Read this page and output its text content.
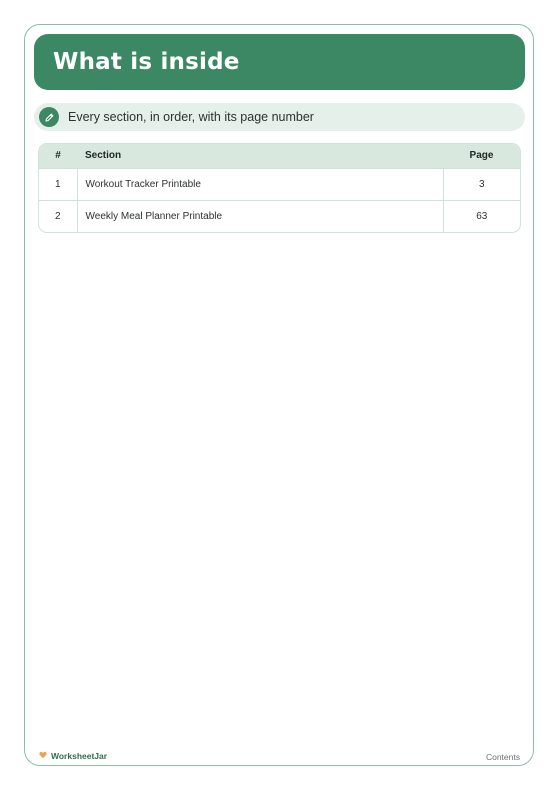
What is inside
Every section, in order, with its page number
#	Section	Page
1	Workout Tracker Printable	3
2	Weekly Meal Planner Printable	63
WorksheetJar	Contents
